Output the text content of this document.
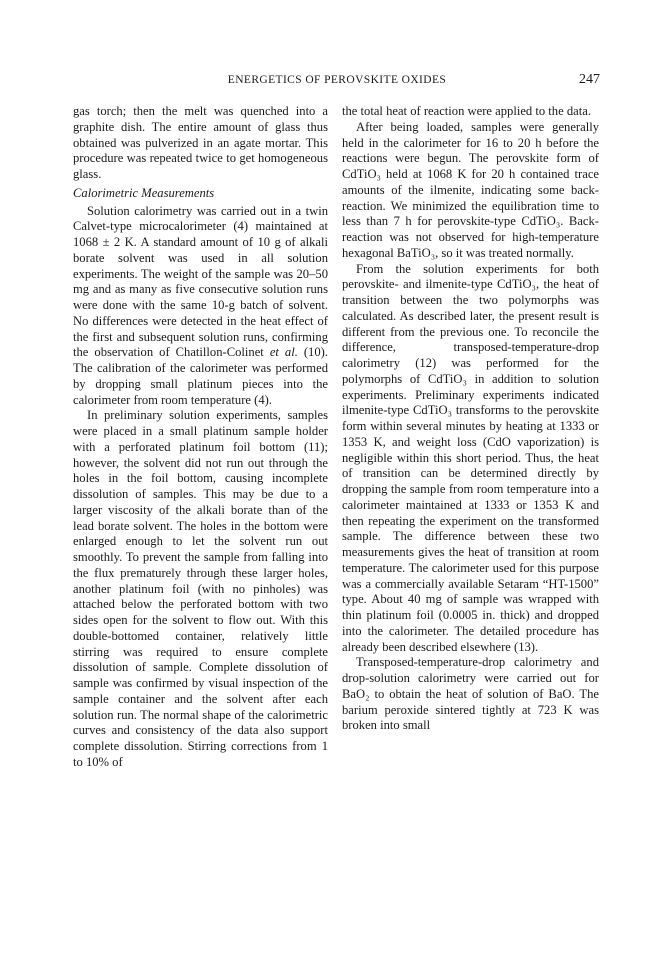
ENERGETICS OF PEROVSKITE OXIDES	247

gas torch; then the melt was quenched into a graphite dish. The entire amount of glass thus obtained was pulverized in an agate mortar. This procedure was repeated twice to get homogeneous glass.

Calorimetric Measurements

Solution calorimetry was carried out in a twin Calvet-type microcalorimeter (4) maintained at 1068 ± 2 K. A standard amount of 10 g of alkali borate solvent was used in all solution experiments. The weight of the sample was 20–50 mg and as many as five consecutive solution runs were done with the same 10-g batch of solvent. No differences were detected in the heat effect of the first and subsequent solution runs, confirming the observation of Chatillon-Colinet et al. (10). The calibration of the calorimeter was performed by dropping small platinum pieces into the calorimeter from room temperature (4).

In preliminary solution experiments, samples were placed in a small platinum sample holder with a perforated platinum foil bottom (11); however, the solvent did not run out through the holes in the foil bottom, causing incomplete dissolution of samples. This may be due to a larger viscosity of the alkali borate than of the lead borate solvent. The holes in the bottom were enlarged enough to let the solvent run out smoothly. To prevent the sample from falling into the flux prematurely through these larger holes, another platinum foil (with no pinholes) was attached below the perforated bottom with two sides open for the solvent to flow out. With this double-bottomed container, relatively little stirring was required to ensure complete dissolution of sample. Complete dissolution of sample was confirmed by visual inspection of the sample container and the solvent after each solution run. The normal shape of the calorimetric curves and consistency of the data also support complete dissolution. Stirring corrections from 1 to 10% of

the total heat of reaction were applied to the data.

After being loaded, samples were generally held in the calorimeter for 16 to 20 h before the reactions were begun. The perovskite form of CdTiO₃ held at 1068 K for 20 h contained trace amounts of the ilmenite, indicating some back-reaction. We minimized the equilibration time to less than 7 h for perovskite-type CdTiO₃. Back-reaction was not observed for high-temperature hexagonal BaTiO₃, so it was treated normally.

From the solution experiments for both perovskite- and ilmenite-type CdTiO₃, the heat of transition between the two polymorphs was calculated. As described later, the present result is different from the previous one. To reconcile the difference, transposed-temperature-drop calorimetry (12) was performed for the polymorphs of CdTiO₃ in addition to solution experiments. Preliminary experiments indicated ilmenite-type CdTiO₃ transforms to the perovskite form within several minutes by heating at 1333 or 1353 K, and weight loss (CdO vaporization) is negligible within this short period. Thus, the heat of transition can be determined directly by dropping the sample from room temperature into a calorimeter maintained at 1333 or 1353 K and then repeating the experiment on the transformed sample. The difference between these two measurements gives the heat of transition at room temperature. The calorimeter used for this purpose was a commercially available Setaram “HT-1500” type. About 40 mg of sample was wrapped with thin platinum foil (0.0005 in. thick) and dropped into the calorimeter. The detailed procedure has already been described elsewhere (13).

Transposed-temperature-drop calorimetry and drop-solution calorimetry were carried out for BaO₂ to obtain the heat of solution of BaO. The barium peroxide sintered tightly at 723 K was broken into small
